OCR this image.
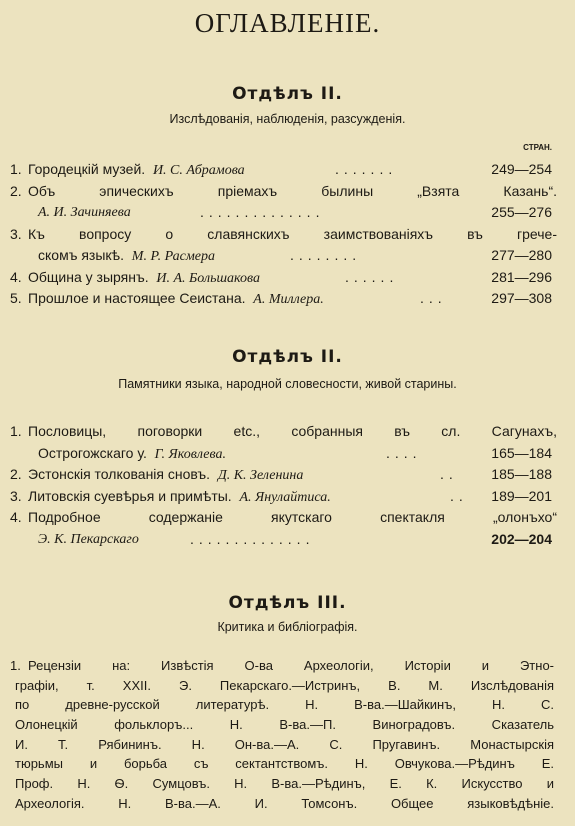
ОГЛАВЛЕНІЕ.
Отдѣлъ II.
Изслѣдованія, наблюденія, разсужденія.
СТРАН.
1. Городецкій музей. И. С. Абрамова	.......	249—254
2. Объ эпическихъ пріемахъ былины „Взята Казань“.
А. И. Зачиняева	..............	255—276
3. Къ вопросу о славянскихъ заимствованіяхъ въ грече-
скомъ языкѣ. М. Р. Расмера	........	277—280
4. Община у зырянъ. И. А. Большакова	......	281—296
5. Прошлое и настоящее Сеистана. А. Миллера.	...	297—308
Отдѣлъ II.
Памятники языка, народной словесности, живой старины.
1. Пословицы, поговорки etc., собранныя въ сл. Сагунахъ,
Острогожскаго у. Г. Яковлева.	....	165—184
2. Эстонскія толкованія сновъ. Д. К. Зеленина	.. 185—188
3. Литовскія суевѣрья и примѣты. А. Янулайтиса.	.. 189—201
4. Подробное содержаніе якутскаго спектакля „олонъхо“
Э. К. Пекарскаго	..............	202—204
Отдѣлъ III.
Критика и библіографія.
1. Рецензіи на: Извѣстія О-ва Археологіи, Исторіи и Этно-
графіи, т. XXII. Э. Пекарскаго.—Истринъ, В. М. Изслѣдованія
по древне-русской литературѣ. Н. В-ва.—Шайкинъ, Н. С.
Олонецкій фольклоръ... Н. В-ва.—П. Виноградовъ. Сказатель
И. Т. Рябининъ. Н. Он-ва.—А. С. Пругавинъ. Монастырскія
тюрьмы и борьба съ сектантствомъ. Н. Овчукова.—Рѣдинъ Е.
Проф. Н. Ѳ. Сумцовъ. Н. В-ва.—Рѣдинъ, Е. К. Искусство и
Археологія. Н. В-ва.—А. И. Томсонъ. Общее языковѣдѣніе.
